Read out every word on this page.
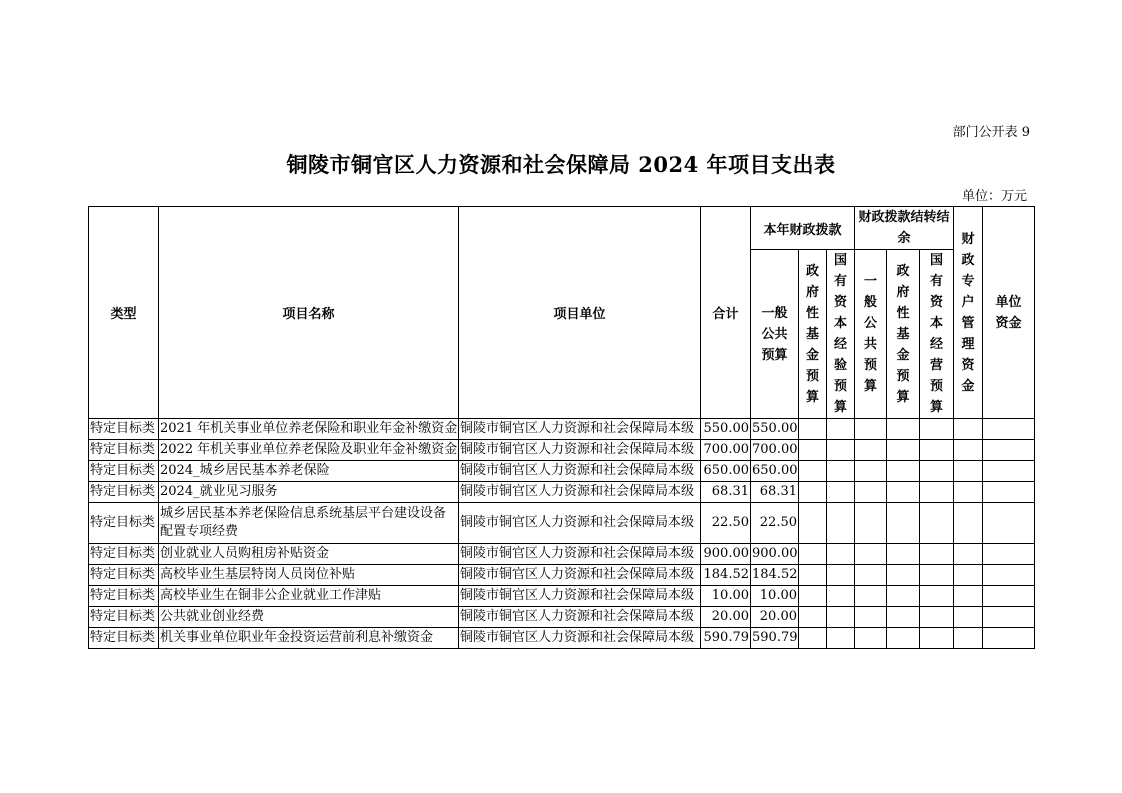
部门公开表 9
铜陵市铜官区人力资源和社会保障局 2024 年项目支出表
单位：万元
类型	项目名称	项目单位	合计	本年财政拨款			财政拨款结转结余			财政专户管理资金	单位资金
				一般公共预算	政府性基金预算	国有资本经验预算	一般公共预算	政府性基金预算	国有资本经营预算		
特定目标类	2021 年机关事业单位养老保险和职业年金补缴资金	铜陵市铜官区人力资源和社会保障局本级	550.00	550.00							
特定目标类	2022 年机关事业单位养老保险及职业年金补缴资金	铜陵市铜官区人力资源和社会保障局本级	700.00	700.00							
特定目标类	2024_城乡居民基本养老保险	铜陵市铜官区人力资源和社会保障局本级	650.00	650.00							
特定目标类	2024_就业见习服务	铜陵市铜官区人力资源和社会保障局本级	68.31	68.31							
特定目标类	城乡居民基本养老保险信息系统基层平台建设设备配置专项经费	铜陵市铜官区人力资源和社会保障局本级	22.50	22.50							
特定目标类	创业就业人员购租房补贴资金	铜陵市铜官区人力资源和社会保障局本级	900.00	900.00							
特定目标类	高校毕业生基层特岗人员岗位补贴	铜陵市铜官区人力资源和社会保障局本级	184.52	184.52							
特定目标类	高校毕业生在铜非公企业就业工作津贴	铜陵市铜官区人力资源和社会保障局本级	10.00	10.00							
特定目标类	公共就业创业经费	铜陵市铜官区人力资源和社会保障局本级	20.00	20.00							
特定目标类	机关事业单位职业年金投资运营前利息补缴资金	铜陵市铜官区人力资源和社会保障局本级	590.79	590.79							
